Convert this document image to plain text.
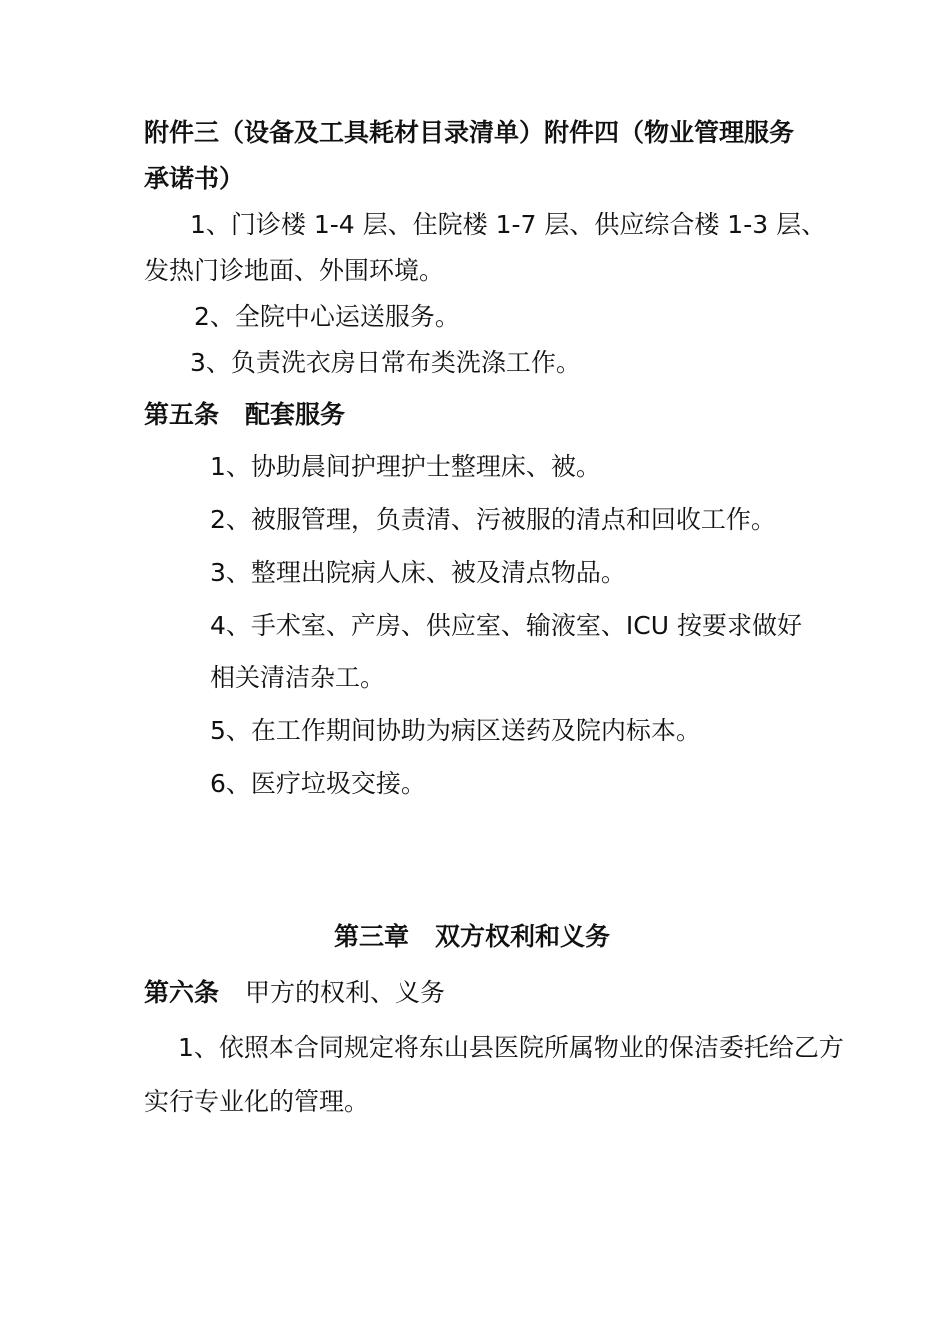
附件三（设备及工具耗材目录清单）附件四（物业管理服务
承诺书）
1、门诊楼 1-4 层、住院楼 1-7 层、供应综合楼 1-3 层、
发热门诊地面、外围环境。
2、全院中心运送服务。
3、负责洗衣房日常布类洗涤工作。
第五条 配套服务
1、协助晨间护理护士整理床、被。
2、被服管理，负责清、污被服的清点和回收工作。
3、整理出院病人床、被及清点物品。
4、手术室、产房、供应室、输液室、ICU 按要求做好
相关清洁杂工。
5、在工作期间协助为病区送药及院内标本。
6、医疗垃圾交接。
第三章 双方权利和义务
第六条 甲方的权利、义务
1、依照本合同规定将东山县医院所属物业的保洁委托给乙方
实行专业化的管理。
